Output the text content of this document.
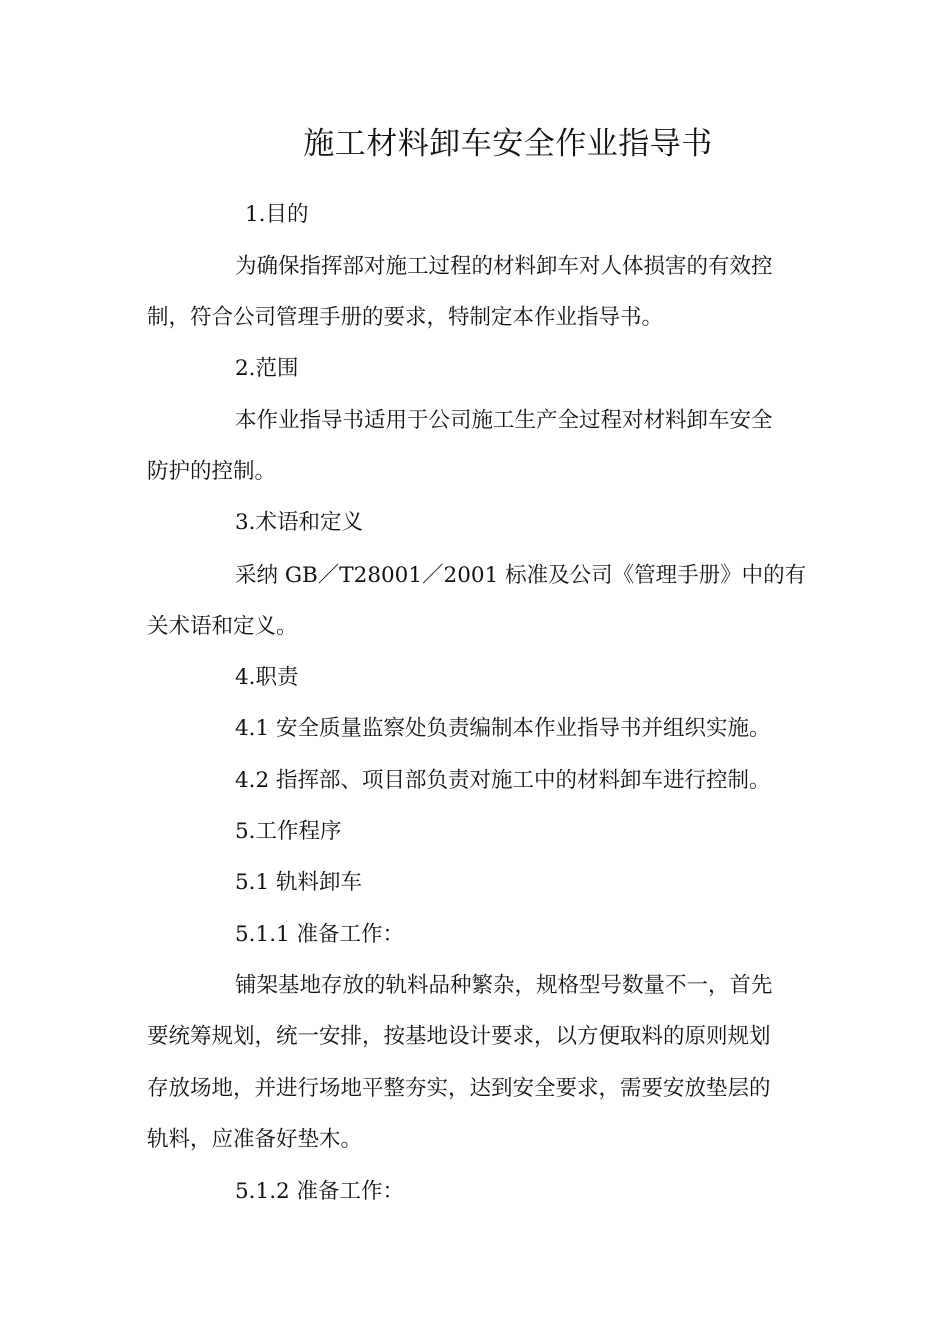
施工材料卸车安全作业指导书

1.目的

为确保指挥部对施工过程的材料卸车对人体损害的有效控

制，符合公司管理手册的要求，特制定本作业指导书。

2.范围

本作业指导书适用于公司施工生产全过程对材料卸车安全

防护的控制。

3.术语和定义

采纳 GB／T28001／2001 标准及公司《管理手册》中的有

关术语和定义。

4.职责

4.1 安全质量监察处负责编制本作业指导书并组织实施。

4.2 指挥部、项目部负责对施工中的材料卸车进行控制。

5.工作程序

5.1 轨料卸车

5.1.1 准备工作：

铺架基地存放的轨料品种繁杂，规格型号数量不一，首先

要统筹规划，统一安排，按基地设计要求，以方便取料的原则规划

存放场地，并进行场地平整夯实，达到安全要求，需要安放垫层的

轨料，应准备好垫木。

5.1.2 准备工作：
